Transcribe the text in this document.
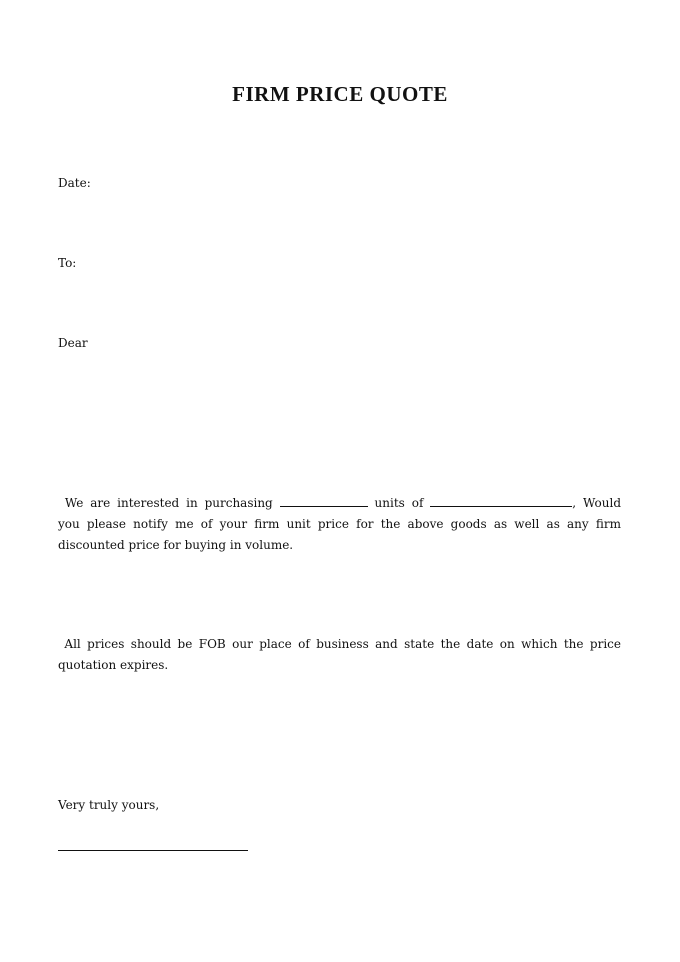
FIRM PRICE QUOTE
Date:
To:
Dear
We are interested in purchasing	units of	, Would
you please notify me of your firm unit price for the above goods as well as any firm discounted price for buying in volume.
All prices should be FOB our place of business and state the date on which the price quotation expires.
Very truly yours,
